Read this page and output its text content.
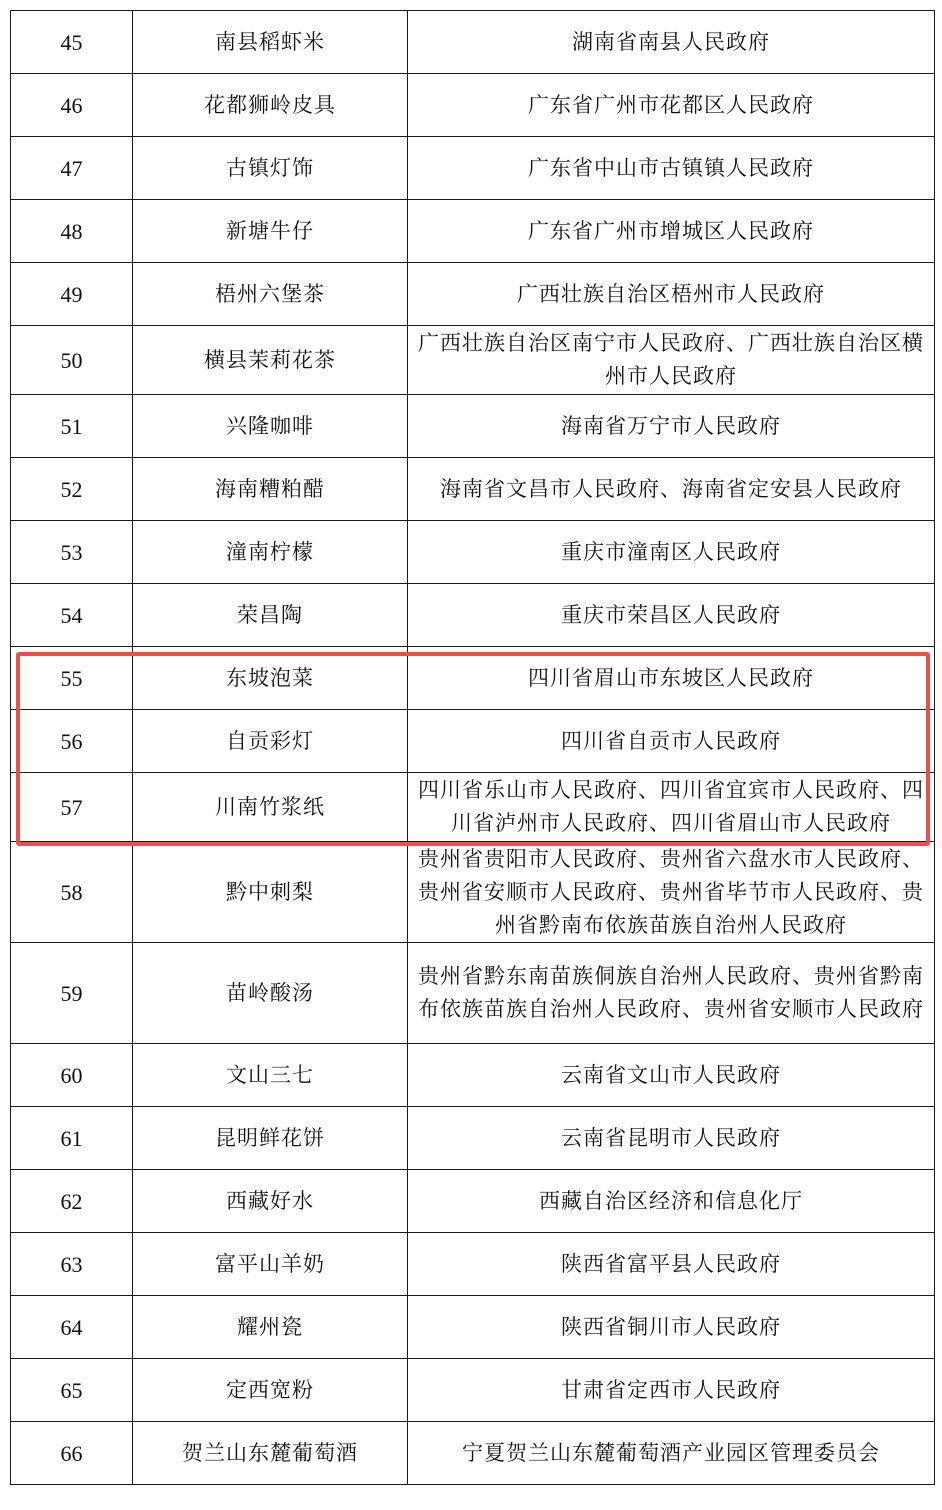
45	南县稻虾米	湖南省南县人民政府
46	花都狮岭皮具	广东省广州市花都区人民政府
47	古镇灯饰	广东省中山市古镇镇人民政府
48	新塘牛仔	广东省广州市增城区人民政府
49	梧州六堡茶	广西壮族自治区梧州市人民政府
50	横县茉莉花茶	广西壮族自治区南宁市人民政府、广西壮族自治区横州市人民政府
51	兴隆咖啡	海南省万宁市人民政府
52	海南糟粕醋	海南省文昌市人民政府、海南省定安县人民政府
53	潼南柠檬	重庆市潼南区人民政府
54	荣昌陶	重庆市荣昌区人民政府
55	东坡泡菜	四川省眉山市东坡区人民政府
56	自贡彩灯	四川省自贡市人民政府
57	川南竹浆纸	四川省乐山市人民政府、四川省宜宾市人民政府、四川省泸州市人民政府、四川省眉山市人民政府
58	黔中刺梨	贵州省贵阳市人民政府、贵州省六盘水市人民政府、贵州省安顺市人民政府、贵州省毕节市人民政府、贵州省黔南布依族苗族自治州人民政府
59	苗岭酸汤	贵州省黔东南苗族侗族自治州人民政府、贵州省黔南布依族苗族自治州人民政府、贵州省安顺市人民政府
60	文山三七	云南省文山市人民政府
61	昆明鲜花饼	云南省昆明市人民政府
62	西藏好水	西藏自治区经济和信息化厅
63	富平山羊奶	陕西省富平县人民政府
64	耀州瓷	陕西省铜川市人民政府
65	定西宽粉	甘肃省定西市人民政府
66	贺兰山东麓葡萄酒	宁夏贺兰山东麓葡萄酒产业园区管理委员会
